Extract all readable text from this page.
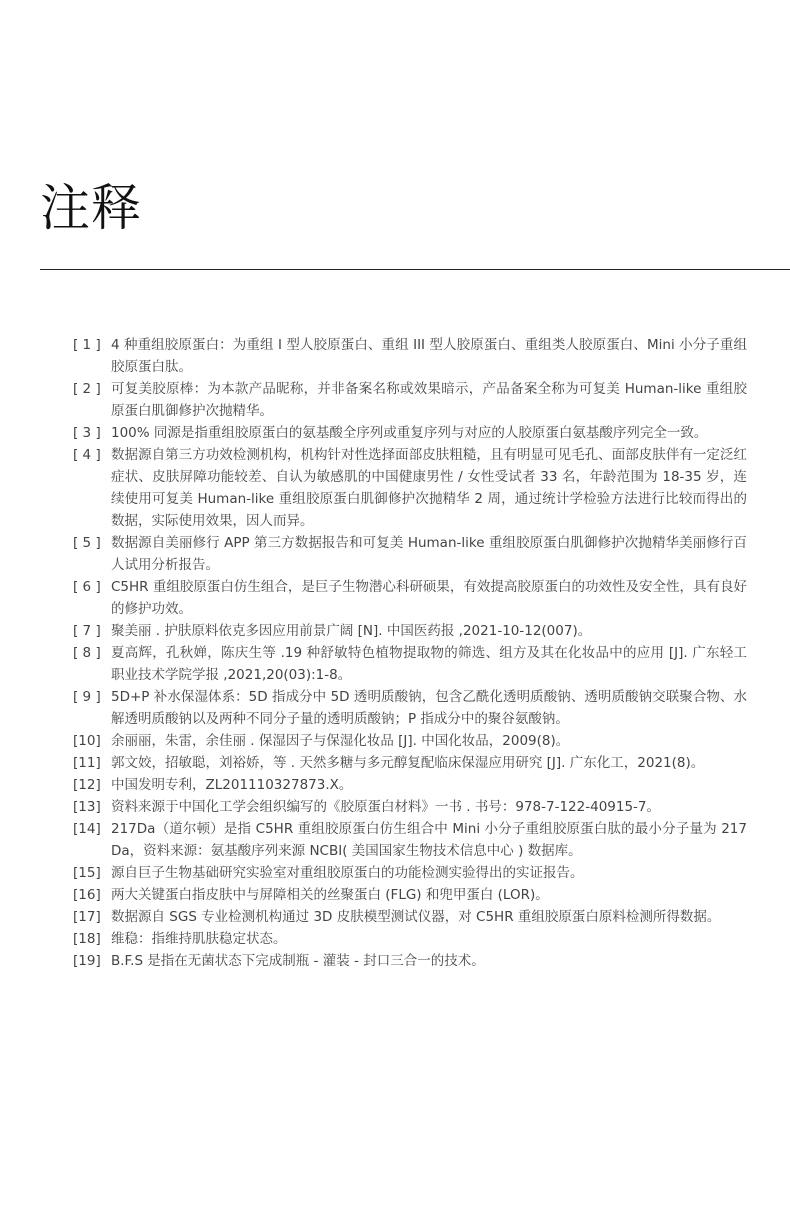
注释
[ 1 ] 4 种重组胶原蛋白：为重组 I 型人胶原蛋白、重组 III 型人胶原蛋白、重组类人胶原蛋白、Mini 小分子重组胶原蛋白肽。
[ 2 ] 可复美胶原棒：为本款产品昵称，并非备案名称或效果暗示，产品备案全称为可复美 Human-like 重组胶原蛋白肌御修护次抛精华。
[ 3 ] 100% 同源是指重组胶原蛋白的氨基酸全序列或重复序列与对应的人胶原蛋白氨基酸序列完全一致。
[ 4 ] 数据源自第三方功效检测机构，机构针对性选择面部皮肤粗糙，且有明显可见毛孔、面部皮肤伴有一定泛红症状、皮肤屏障功能较差、自认为敏感肌的中国健康男性 / 女性受试者 33 名，年龄范围为 18-35 岁，连续使用可复美 Human-like 重组胶原蛋白肌御修护次抛精华 2 周，通过统计学检验方法进行比较而得出的数据，实际使用效果，因人而异。
[ 5 ] 数据源自美丽修行 APP 第三方数据报告和可复美 Human-like 重组胶原蛋白肌御修护次抛精华美丽修行百人试用分析报告。
[ 6 ] C5HR 重组胶原蛋白仿生组合，是巨子生物潜心科研硕果，有效提高胶原蛋白的功效性及安全性，具有良好的修护功效。
[ 7 ] 聚美丽 . 护肤原料依克多因应用前景广阔 [N]. 中国医药报 ,2021-10-12(007)。
[ 8 ] 夏高辉，孔秋婵，陈庆生等 .19 种舒敏特色植物提取物的筛选、组方及其在化妆品中的应用 [J]. 广东轻工职业技术学院学报 ,2021,20(03):1-8。
[ 9 ] 5D+P 补水保湿体系：5D 指成分中 5D 透明质酸钠，包含乙酰化透明质酸钠、透明质酸钠交联聚合物、水解透明质酸钠以及两种不同分子量的透明质酸钠；P 指成分中的聚谷氨酸钠。
[10] 余丽丽，朱雷，余佳丽 . 保湿因子与保湿化妆品 [J]. 中国化妆品，2009(8)。
[11] 郭文姣，招敏聪，刘裕娇，等 . 天然多糖与多元醇复配临床保湿应用研究 [J]. 广东化工，2021(8)。
[12] 中国发明专利，ZL201110327873.X。
[13] 资料来源于中国化工学会组织编写的《胶原蛋白材料》一书 . 书号：978-7-122-40915-7。
[14] 217Da（道尔顿）是指 C5HR 重组胶原蛋白仿生组合中 Mini 小分子重组胶原蛋白肽的最小分子量为 217Da，资料来源：氨基酸序列来源 NCBI( 美国国家生物技术信息中心 ) 数据库。
[15] 源自巨子生物基础研究实验室对重组胶原蛋白的功能检测实验得出的实证报告。
[16] 两大关键蛋白指皮肤中与屏障相关的丝聚蛋白 (FLG) 和兜甲蛋白 (LOR)。
[17] 数据源自 SGS 专业检测机构通过 3D 皮肤模型测试仪器，对 C5HR 重组胶原蛋白原料检测所得数据。
[18] 维稳：指维持肌肤稳定状态。
[19] B.F.S 是指在无菌状态下完成制瓶 - 灌装 - 封口三合一的技术。
